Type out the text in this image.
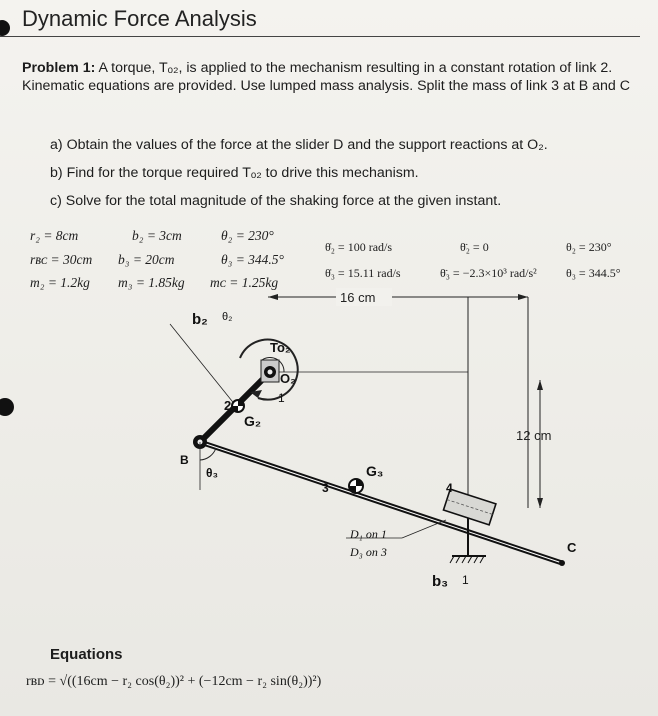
Dynamic Force Analysis
Problem 1: A torque, Tₒ₂, is applied to the mechanism resulting in a constant rotation of link 2. Kinematic equations are provided. Use lumped mass analysis. Split the mass of link 3 at B and C
a) Obtain the values of the force at the slider D and the support reactions at O₂.
b) Find for the torque required Tₒ₂ to drive this mechanism.
c) Solve for the total magnitude of the shaking force at the given instant.
r₂ = 8cm
rʙᴄ = 30cm
m₂ = 1.2kg
b₂ = 3cm
b₃ = 20cm
m₃ = 1.85kg
θ₂ = 230°
θ₃ = 344.5°
mᴄ = 1.25kg
θ̇₂ = 100 rad/s
θ̇₃ = 15.11 rad/s
θ̈₂ = 0
θ̈₃ = −2.3×10³ rad/s²
θ₂ = 230°
θ₃ = 344.5°
16 cm
12 cm
b₂ θ₂
To₂
O₂
2
G₂
1
B
θ₃
3
G₃
4
C
b₃ 1
D₁ on 1
D₃ on 3
Equations
rʙᴅ = √((16cm − r₂ cos(θ₂))² + (−12cm − r₂ sin(θ₂))²)
